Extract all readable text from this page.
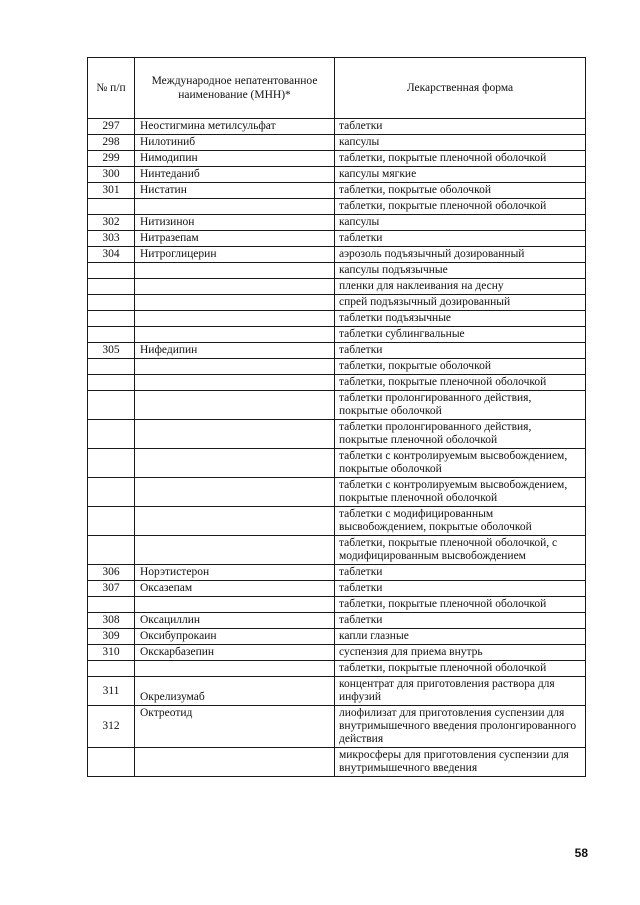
№ п/п	Международное непатентованное наименование (МНН)*	Лекарственная форма
297	Неостигмина метилсульфат	таблетки
298	Нилотиниб	капсулы
299	Нимодипин	таблетки, покрытые пленочной оболочкой
300	Нинтеданиб	капсулы мягкие
301	Нистатин	таблетки, покрытые оболочкой
		таблетки, покрытые пленочной оболочкой
302	Нитизинон	капсулы
303	Нитразепам	таблетки
304	Нитроглицерин	аэрозоль подъязычный дозированный
		капсулы подъязычные
		пленки для наклеивания на десну
		спрей подъязычный дозированный
		таблетки подъязычные
		таблетки сублингвальные
305	Нифедипин	таблетки
		таблетки, покрытые оболочкой
		таблетки, покрытые пленочной оболочкой
		таблетки пролонгированного действия, покрытые оболочкой
		таблетки пролонгированного действия, покрытые пленочной оболочкой
		таблетки с контролируемым высвобождением, покрытые оболочкой
		таблетки с контролируемым высвобождением, покрытые пленочной оболочкой
		таблетки с модифицированным высвобождением, покрытые оболочкой
		таблетки, покрытые пленочной оболочкой, с модифицированным высвобождением
306	Норэтистерон	таблетки
307	Оксазепам	таблетки
		таблетки, покрытые пленочной оболочкой
308	Оксациллин	таблетки
309	Оксибупрокаин	капли глазные
310	Окскарбазепин	суспензия для приема внутрь
		таблетки, покрытые пленочной оболочкой
311	Окрелизумаб	концентрат для приготовления раствора для инфузий
312	Октреотид	лиофилизат для приготовления суспензии для внутримышечного введения пролонгированного действия
		микросферы для приготовления суспензии для внутримышечного введения
58
